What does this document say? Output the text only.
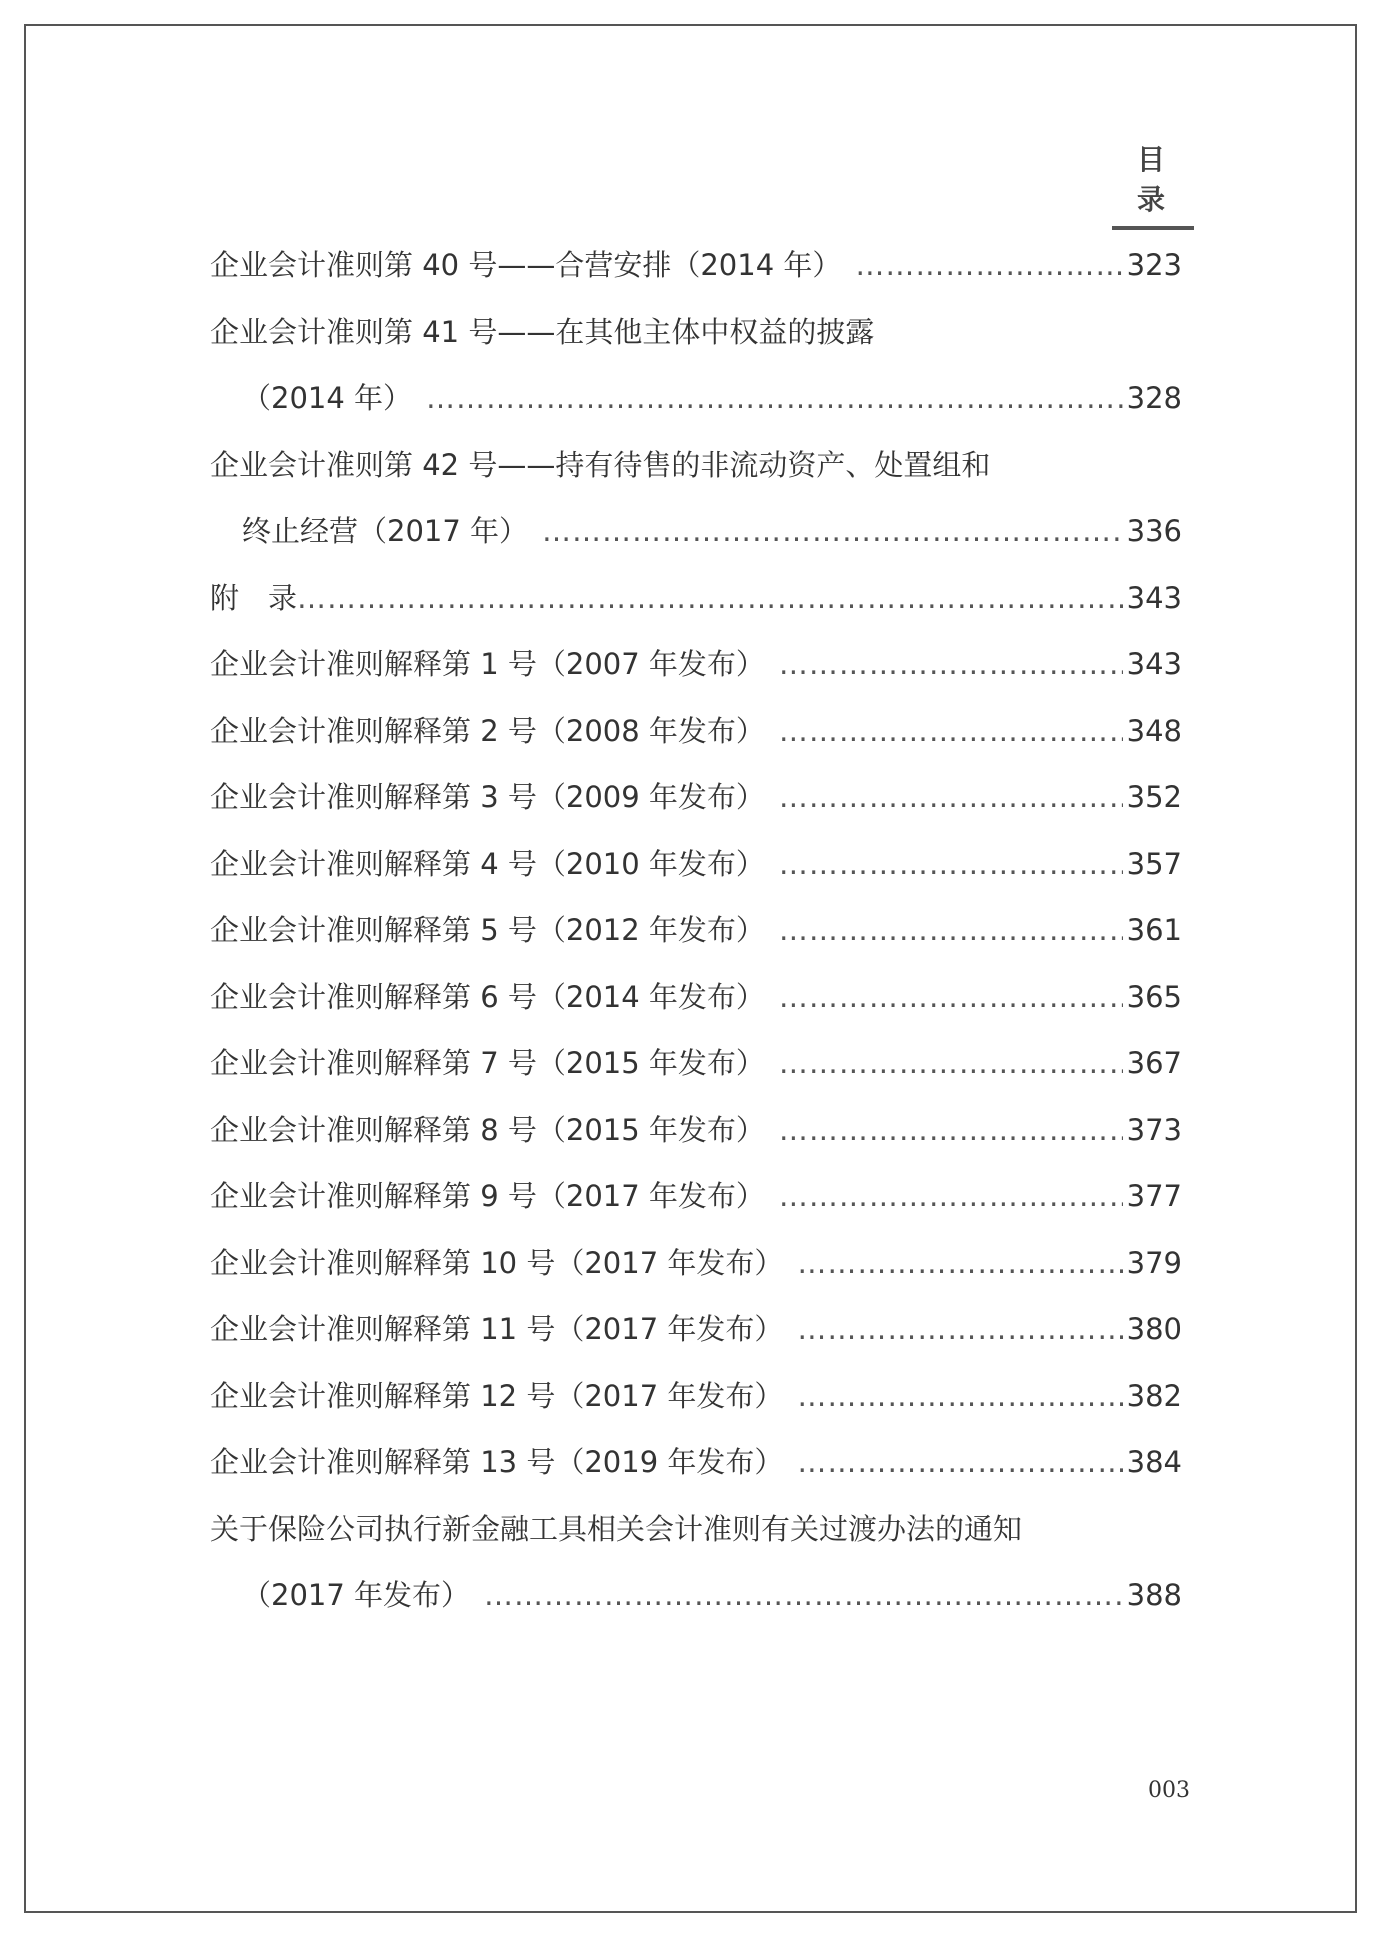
目 录
企业会计准则第 40 号——合营安排（2014 年） ……………………………………………………………………………………………………………………………………………………………………………………………………	323
企业会计准则第 41 号——在其他主体中权益的披露
（2014 年） ……………………………………………………………………………………………………………………………………………………………………………………………………	328
企业会计准则第 42 号——持有待售的非流动资产、处置组和
终止经营（2017 年） ……………………………………………………………………………………………………………………………………………………………………………………………………	336
附　录 ……………………………………………………………………………………………………………………………………………………………………………………………………	343
企业会计准则解释第 1 号（2007 年发布） ……………………………………………………………………………………………………………………………………………………………………………………………………	343
企业会计准则解释第 2 号（2008 年发布） ……………………………………………………………………………………………………………………………………………………………………………………………………	348
企业会计准则解释第 3 号（2009 年发布） ……………………………………………………………………………………………………………………………………………………………………………………………………	352
企业会计准则解释第 4 号（2010 年发布） ……………………………………………………………………………………………………………………………………………………………………………………………………	357
企业会计准则解释第 5 号（2012 年发布） ……………………………………………………………………………………………………………………………………………………………………………………………………	361
企业会计准则解释第 6 号（2014 年发布） ……………………………………………………………………………………………………………………………………………………………………………………………………	365
企业会计准则解释第 7 号（2015 年发布） ……………………………………………………………………………………………………………………………………………………………………………………………………	367
企业会计准则解释第 8 号（2015 年发布） ……………………………………………………………………………………………………………………………………………………………………………………………………	373
企业会计准则解释第 9 号（2017 年发布） ……………………………………………………………………………………………………………………………………………………………………………………………………	377
企业会计准则解释第 10 号（2017 年发布） ……………………………………………………………………………………………………………………………………………………………………………………………………	379
企业会计准则解释第 11 号（2017 年发布） ……………………………………………………………………………………………………………………………………………………………………………………………………	380
企业会计准则解释第 12 号（2017 年发布） ……………………………………………………………………………………………………………………………………………………………………………………………………	382
企业会计准则解释第 13 号（2019 年发布） ……………………………………………………………………………………………………………………………………………………………………………………………………	384
关于保险公司执行新金融工具相关会计准则有关过渡办法的通知
（2017 年发布） ……………………………………………………………………………………………………………………………………………………………………………………………………	388
003
